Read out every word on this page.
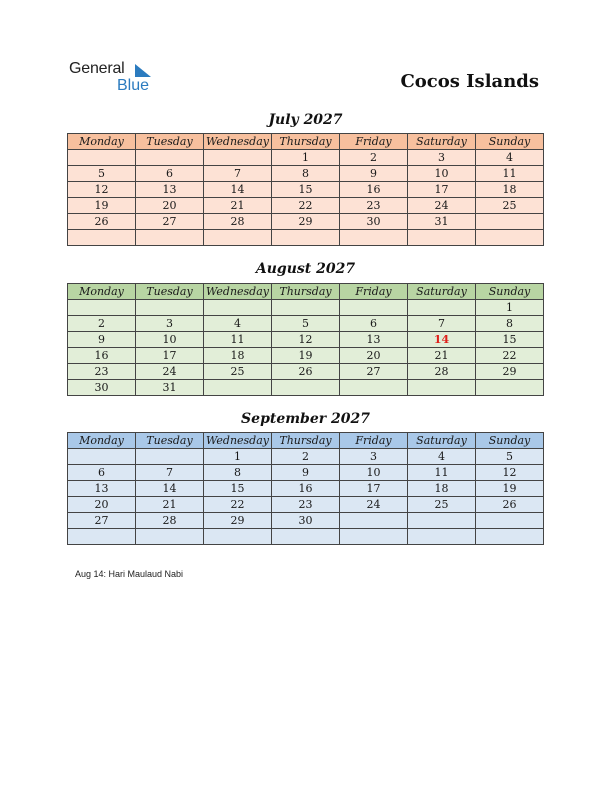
General
Blue	Cocos Islands
July 2027
Monday	Tuesday	Wednesday	Thursday	Friday	Saturday	Sunday
			1	2	3	4
5	6	7	8	9	10	11
12	13	14	15	16	17	18
19	20	21	22	23	24	25
26	27	28	29	30	31	

August 2027
Monday	Tuesday	Wednesday	Thursday	Friday	Saturday	Sunday
						1
2	3	4	5	6	7	8
9	10	11	12	13	14	15
16	17	18	19	20	21	22
23	24	25	26	27	28	29
30	31					
September 2027
Monday	Tuesday	Wednesday	Thursday	Friday	Saturday	Sunday
		1	2	3	4	5
6	7	8	9	10	11	12
13	14	15	16	17	18	19
20	21	22	23	24	25	26
27	28	29	30			

Aug 14: Hari Maulaud Nabi
